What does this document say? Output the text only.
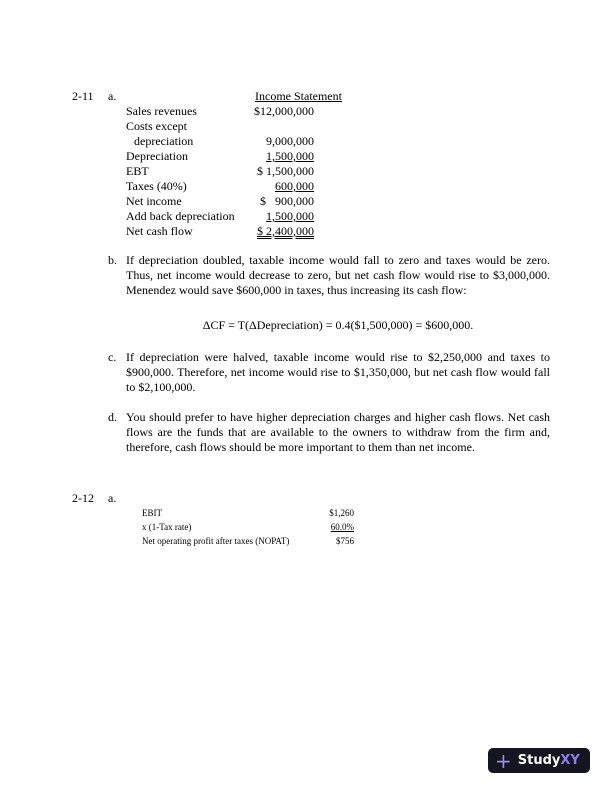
2-11	a.	Income Statement
Sales revenues	$12,000,000
Costs except
depreciation	9,000,000
Depreciation	1,500,000
EBT	$ 1,500,000
Taxes (40%)	600,000
Net income	$   900,000
Add back depreciation	1,500,000
Net cash flow	$ 2,400,000
b. If depreciation doubled, taxable income would fall to zero and taxes would be zero. Thus, net income would decrease to zero, but net cash flow would rise to $3,000,000. Menendez would save $600,000 in taxes, thus increasing its cash flow:
ΔCF = T(ΔDepreciation) = 0.4($1,500,000) = $600,000.
c. If depreciation were halved, taxable income would rise to $2,250,000 and taxes to $900,000. Therefore, net income would rise to $1,350,000, but net cash flow would fall to $2,100,000.
d. You should prefer to have higher depreciation charges and higher cash flows. Net cash flows are the funds that are available to the owners to withdraw from the firm and, therefore, cash flows should be more important to them than net income.
2-12	a.
EBIT	$1,260
x (1-Tax rate)	60.0%
Net operating profit after taxes (NOPAT)	$756
+ Study XY
